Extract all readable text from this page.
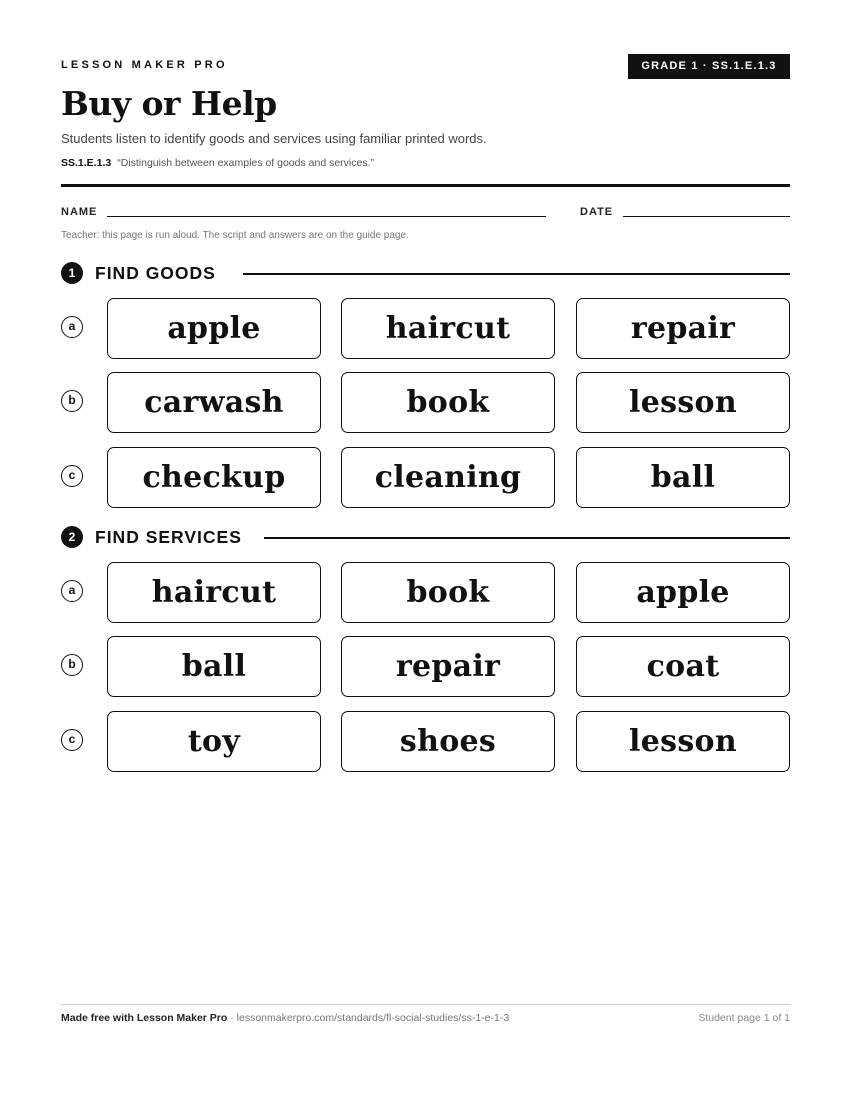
LESSON MAKER PRO	GRADE 1 · SS.1.E.1.3
Buy or Help
Students listen to identify goods and services using familiar printed words.
SS.1.E.1.3 “Distinguish between examples of goods and services.”
NAME	DATE
Teacher: this page is run aloud. The script and answers are on the guide page.
1	FIND GOODS
a	apple	haircut	repair
b carwash	book	lesson
c checkup	cleaning	ball
2	FIND SERVICES
a	haircut	book	apple
b	ball	repair	coat
c	toy	shoes	lesson
Made free with Lesson Maker Pro · lessonmakerpro.com/standards/fl-social-studies/ss-1-e-1-3	Student page 1 of 1
